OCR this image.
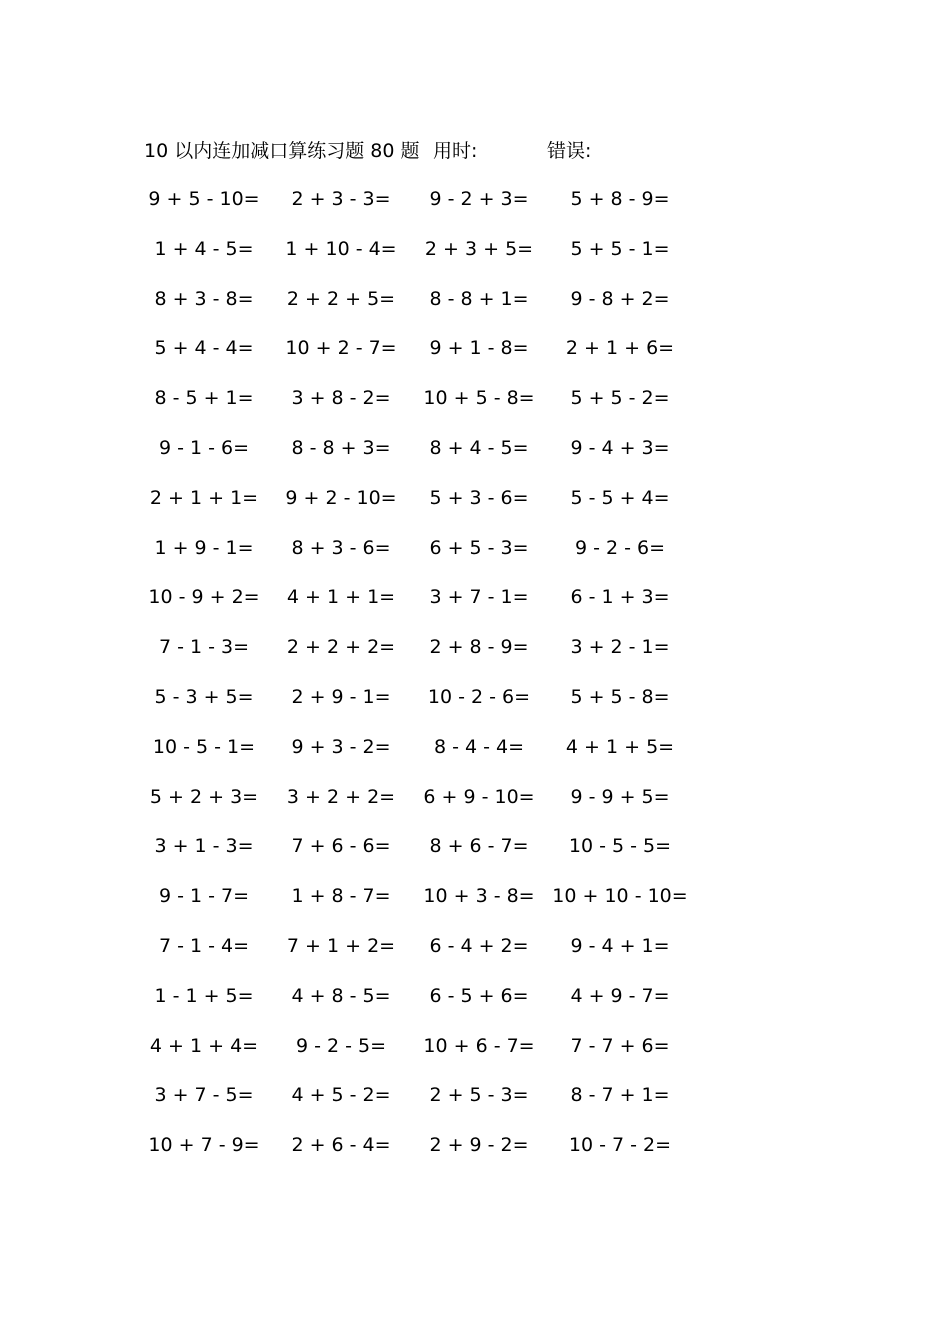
10 以内连加减口算练习题 80 题 用时:	错误:
9 + 5 - 10=	2 + 3 - 3=	9 - 2 + 3=	5 + 8 - 9=
1 + 4 - 5=	1 + 10 - 4=	2 + 3 + 5=	5 + 5 - 1=
8 + 3 - 8=	2 + 2 + 5=	8 - 8 + 1=	9 - 8 + 2=
5 + 4 - 4=	10 + 2 - 7=	9 + 1 - 8=	2 + 1 + 6=
8 - 5 + 1=	3 + 8 - 2=	10 + 5 - 8=	5 + 5 - 2=
9 - 1 - 6=	8 - 8 + 3=	8 + 4 - 5=	9 - 4 + 3=
2 + 1 + 1=	9 + 2 - 10=	5 + 3 - 6=	5 - 5 + 4=
1 + 9 - 1=	8 + 3 - 6=	6 + 5 - 3=	9 - 2 - 6=
10 - 9 + 2=	4 + 1 + 1=	3 + 7 - 1=	6 - 1 + 3=
7 - 1 - 3=	2 + 2 + 2=	2 + 8 - 9=	3 + 2 - 1=
5 - 3 + 5=	2 + 9 - 1=	10 - 2 - 6=	5 + 5 - 8=
10 - 5 - 1=	9 + 3 - 2=	8 - 4 - 4=	4 + 1 + 5=
5 + 2 + 3=	3 + 2 + 2=	6 + 9 - 10=	9 - 9 + 5=
3 + 1 - 3=	7 + 6 - 6=	8 + 6 - 7=	10 - 5 - 5=
9 - 1 - 7=	1 + 8 - 7=	10 + 3 - 8= 10 + 10 - 10=
7 - 1 - 4=	7 + 1 + 2=	6 - 4 + 2=	9 - 4 + 1=
1 - 1 + 5=	4 + 8 - 5=	6 - 5 + 6=	4 + 9 - 7=
4 + 1 + 4=	9 - 2 - 5=	10 + 6 - 7=	7 - 7 + 6=
3 + 7 - 5=	4 + 5 - 2=	2 + 5 - 3=	8 - 7 + 1=
10 + 7 - 9=	2 + 6 - 4=	2 + 9 - 2=	10 - 7 - 2=
